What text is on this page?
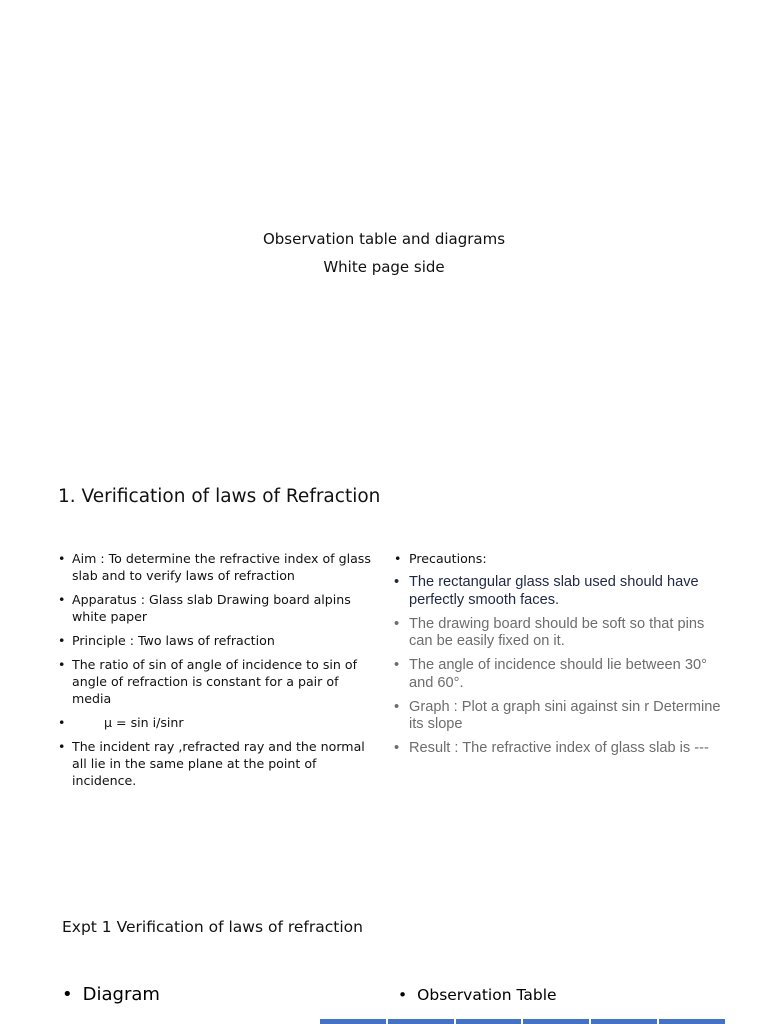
Observation table and diagrams
White page side
1. Verification of laws of Refraction
• Aim : To determine the refractive index of glass slab and to verify laws of refraction
• Apparatus : Glass slab Drawing board alpins white paper
• Principle : Two laws of refraction
• The ratio of sin of angle of incidence to sin of angle of refraction is constant for a pair of media
•	μ = sin i/sinr
• The incident ray ,refracted ray and the normal all lie in the same plane at the point of incidence.
• Precautions:
• The rectangular glass slab used should have perfectly smooth faces.
• The drawing board should be soft so that pins can be easily fixed on it.
• The angle of incidence should lie between 30° and 60°.
• Graph : Plot a graph sini against sin r Determine its slope
• Result : The refractive index of glass slab is ---
Expt 1 Verification of laws of refraction
• Diagram	• Observation Table
